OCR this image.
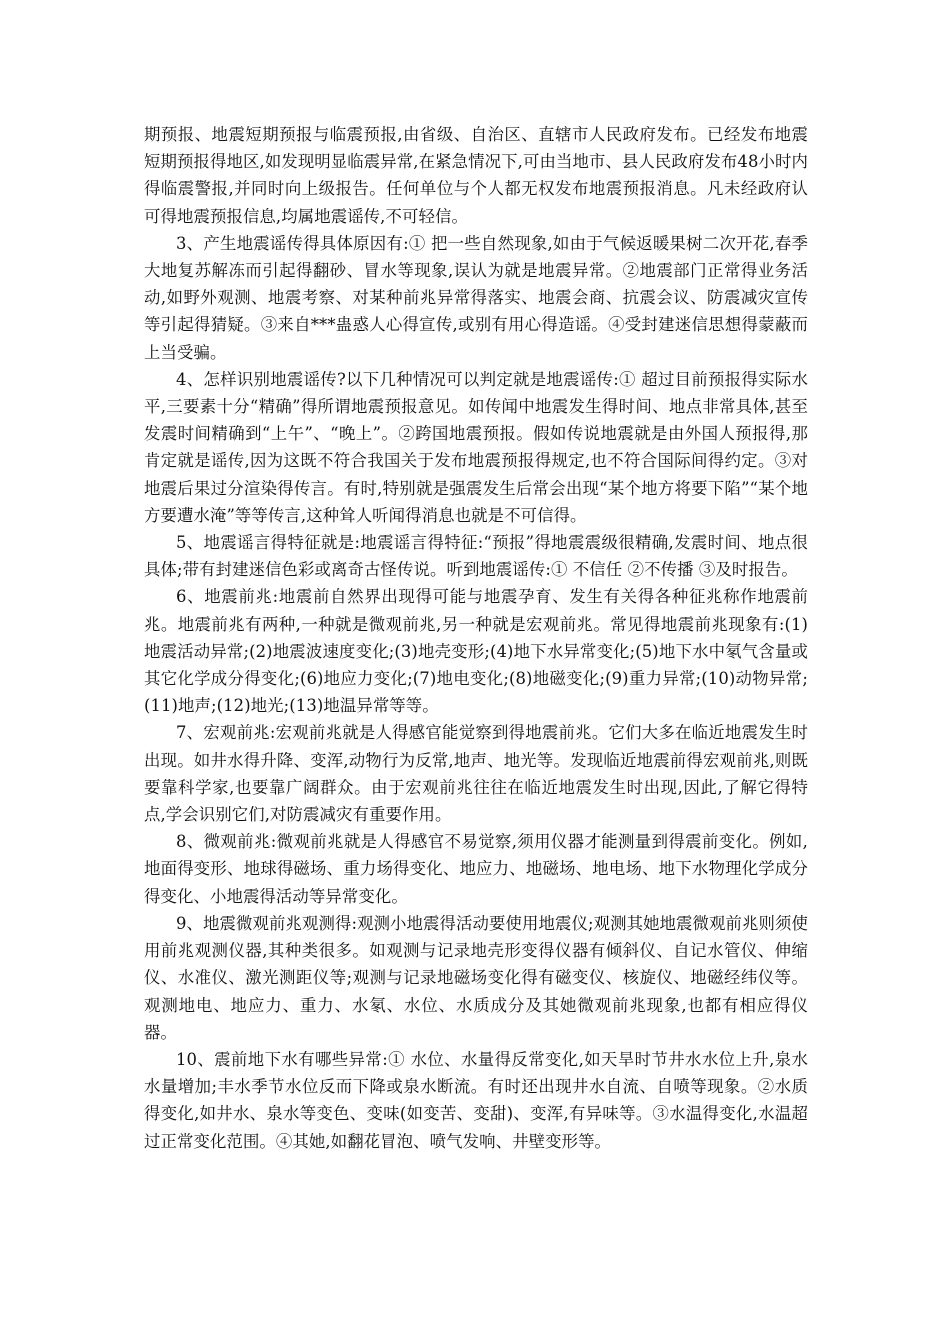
期预报、地震短期预报与临震预报,由省级、自治区、直辖市人民政府发布。已经发布地震短期预报得地区,如发现明显临震异常,在紧急情况下,可由当地市、县人民政府发布48小时内得临震警报,并同时向上级报告。任何单位与个人都无权发布地震预报消息。凡未经政府认可得地震预报信息,均属地震谣传,不可轻信。

3、产生地震谣传得具体原因有:① 把一些自然现象,如由于气候返暖果树二次开花,春季大地复苏解冻而引起得翻砂、冒水等现象,误认为就是地震异常。②地震部门正常得业务活动,如野外观测、地震考察、对某种前兆异常得落实、地震会商、抗震会议、防震减灾宣传等引起得猜疑。③来自***蛊惑人心得宣传,或别有用心得造谣。④受封建迷信思想得蒙蔽而上当受骗。

4、怎样识别地震谣传?以下几种情况可以判定就是地震谣传:① 超过目前预报得实际水平,三要素十分“精确”得所谓地震预报意见。如传闻中地震发生得时间、地点非常具体,甚至发震时间精确到“上午”、“晚上”。②跨国地震预报。假如传说地震就是由外国人预报得,那肯定就是谣传,因为这既不符合我国关于发布地震预报得规定,也不符合国际间得约定。③对地震后果过分渲染得传言。有时,特别就是强震发生后常会出现“某个地方将要下陷”“某个地方要遭水淹”等等传言,这种耸人听闻得消息也就是不可信得。

5、地震谣言得特征就是:地震谣言得特征:“预报”得地震震级很精确,发震时间、地点很具体;带有封建迷信色彩或离奇古怪传说。听到地震谣传:① 不信任 ②不传播 ③及时报告。

6、地震前兆:地震前自然界出现得可能与地震孕育、发生有关得各种征兆称作地震前兆。地震前兆有两种,一种就是微观前兆,另一种就是宏观前兆。常见得地震前兆现象有:(1)地震活动异常;(2)地震波速度变化;(3)地壳变形;(4)地下水异常变化;(5)地下水中氡气含量或其它化学成分得变化;(6)地应力变化;(7)地电变化;(8)地磁变化;(9)重力异常;(10)动物异常;(11)地声;(12)地光;(13)地温异常等等。

7、宏观前兆:宏观前兆就是人得感官能觉察到得地震前兆。它们大多在临近地震发生时出现。如井水得升降、变浑,动物行为反常,地声、地光等。发现临近地震前得宏观前兆,则既要靠科学家,也要靠广阔群众。由于宏观前兆往往在临近地震发生时出现,因此,了解它得特点,学会识别它们,对防震减灾有重要作用。

8、微观前兆:微观前兆就是人得感官不易觉察,须用仪器才能测量到得震前变化。例如,地面得变形、地球得磁场、重力场得变化、地应力、地磁场、地电场、地下水物理化学成分得变化、小地震得活动等异常变化。

9、地震微观前兆观测得:观测小地震得活动要使用地震仪;观测其她地震微观前兆则须使用前兆观测仪器,其种类很多。如观测与记录地壳形变得仪器有倾斜仪、自记水管仪、伸缩仪、水准仪、激光测距仪等;观测与记录地磁场变化得有磁变仪、核旋仪、地磁经纬仪等。观测地电、地应力、重力、水氡、水位、水质成分及其她微观前兆现象,也都有相应得仪器。

10、震前地下水有哪些异常:① 水位、水量得反常变化,如天旱时节井水水位上升,泉水水量增加;丰水季节水位反而下降或泉水断流。有时还出现井水自流、自喷等现象。②水质得变化,如井水、泉水等变色、变味(如变苦、变甜)、变浑,有异味等。③水温得变化,水温超过正常变化范围。④其她,如翻花冒泡、喷气发响、井壁变形等。
